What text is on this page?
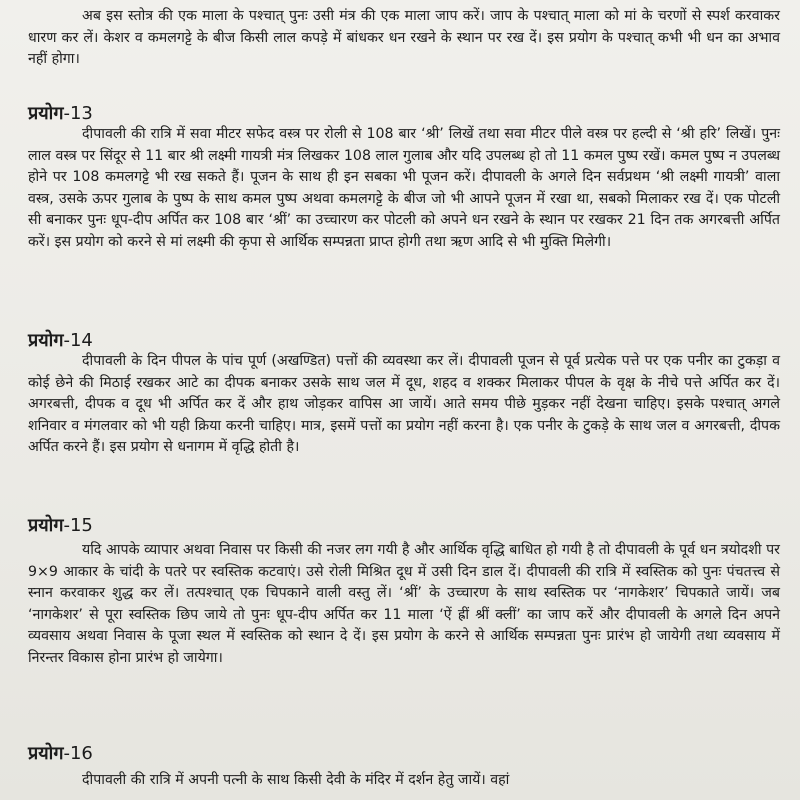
अब इस स्तोत्र की एक माला के पश्चात् पुनः उसी मंत्र की एक माला जाप करें। जाप के पश्चात् माला को मां के चरणों से स्पर्श करवाकर धारण कर लें। केशर व कमलगट्टे के बीज किसी लाल कपड़े में बांधकर धन रखने के स्थान पर रख दें। इस प्रयोग के पश्चात् कभी भी धन का अभाव नहीं होगा।

प्रयोग-13

दीपावली की रात्रि में सवा मीटर सफेद वस्त्र पर रोली से 108 बार ‘श्री’ लिखें तथा सवा मीटर पीले वस्त्र पर हल्दी से ‘श्री हरि’ लिखें। पुनः लाल वस्त्र पर सिंदूर से 11 बार श्री लक्ष्मी गायत्री मंत्र लिखकर 108 लाल गुलाब और यदि उपलब्ध हो तो 11 कमल पुष्प रखें। कमल पुष्प न उपलब्ध होने पर 108 कमलगट्टे भी रख सकते हैं। पूजन के साथ ही इन सबका भी पूजन करें। दीपावली के अगले दिन सर्वप्रथम ‘श्री लक्ष्मी गायत्री’ वाला वस्त्र, उसके ऊपर गुलाब के पुष्प के साथ कमल पुष्प अथवा कमलगट्टे के बीज जो भी आपने पूजन में रखा था, सबको मिलाकर रख दें। एक पोटली सी बनाकर पुनः धूप-दीप अर्पित कर 108 बार ‘श्रीं’ का उच्चारण कर पोटली को अपने धन रखने के स्थान पर रखकर 21 दिन तक अगरबत्ती अर्पित करें। इस प्रयोग को करने से मां लक्ष्मी की कृपा से आर्थिक सम्पन्नता प्राप्त होगी तथा ऋण आदि से भी मुक्ति मिलेगी।

प्रयोग-14

दीपावली के दिन पीपल के पांच पूर्ण (अखण्डित) पत्तों की व्यवस्था कर लें। दीपावली पूजन से पूर्व प्रत्येक पत्ते पर एक पनीर का टुकड़ा व कोई छेने की मिठाई रखकर आटे का दीपक बनाकर उसके साथ जल में दूध, शहद व शक्कर मिलाकर पीपल के वृक्ष के नीचे पत्ते अर्पित कर दें। अगरबत्ती, दीपक व दूध भी अर्पित कर दें और हाथ जोड़कर वापिस आ जायें। आते समय पीछे मुड़कर नहीं देखना चाहिए। इसके पश्चात् अगले शनिवार व मंगलवार को भी यही क्रिया करनी चाहिए। मात्र, इसमें पत्तों का प्रयोग नहीं करना है। एक पनीर के टुकड़े के साथ जल व अगरबत्ती, दीपक अर्पित करने हैं। इस प्रयोग से धनागम में वृद्धि होती है।

प्रयोग-15

यदि आपके व्यापार अथवा निवास पर किसी की नजर लग गयी है और आर्थिक वृद्धि बाधित हो गयी है तो दीपावली के पूर्व धन त्रयोदशी पर 9×9 आकार के चांदी के पतरे पर स्वस्तिक कटवाएं। उसे रोली मिश्रित दूध में उसी दिन डाल दें। दीपावली की रात्रि में स्वस्तिक को पुनः पंचतत्त्व से स्नान करवाकर शुद्ध कर लें। तत्पश्चात् एक चिपकाने वाली वस्तु लें। ‘श्रीं’ के उच्चारण के साथ स्वस्तिक पर ‘नागकेशर’ चिपकाते जायें। जब ‘नागकेशर’ से पूरा स्वस्तिक छिप जाये तो पुनः धूप-दीप अर्पित कर 11 माला ‘ऐं ह्रीं श्रीं क्लीं’ का जाप करें और दीपावली के अगले दिन अपने व्यवसाय अथवा निवास के पूजा स्थल में स्वस्तिक को स्थान दे दें। इस प्रयोग के करने से आर्थिक सम्पन्नता पुनः प्रारंभ हो जायेगी तथा व्यवसाय में निरन्तर विकास होना प्रारंभ हो जायेगा।

प्रयोग-16

दीपावली की रात्रि में अपनी पत्नी के साथ किसी देवी के मंदिर में दर्शन हेतु जायें। वहां
